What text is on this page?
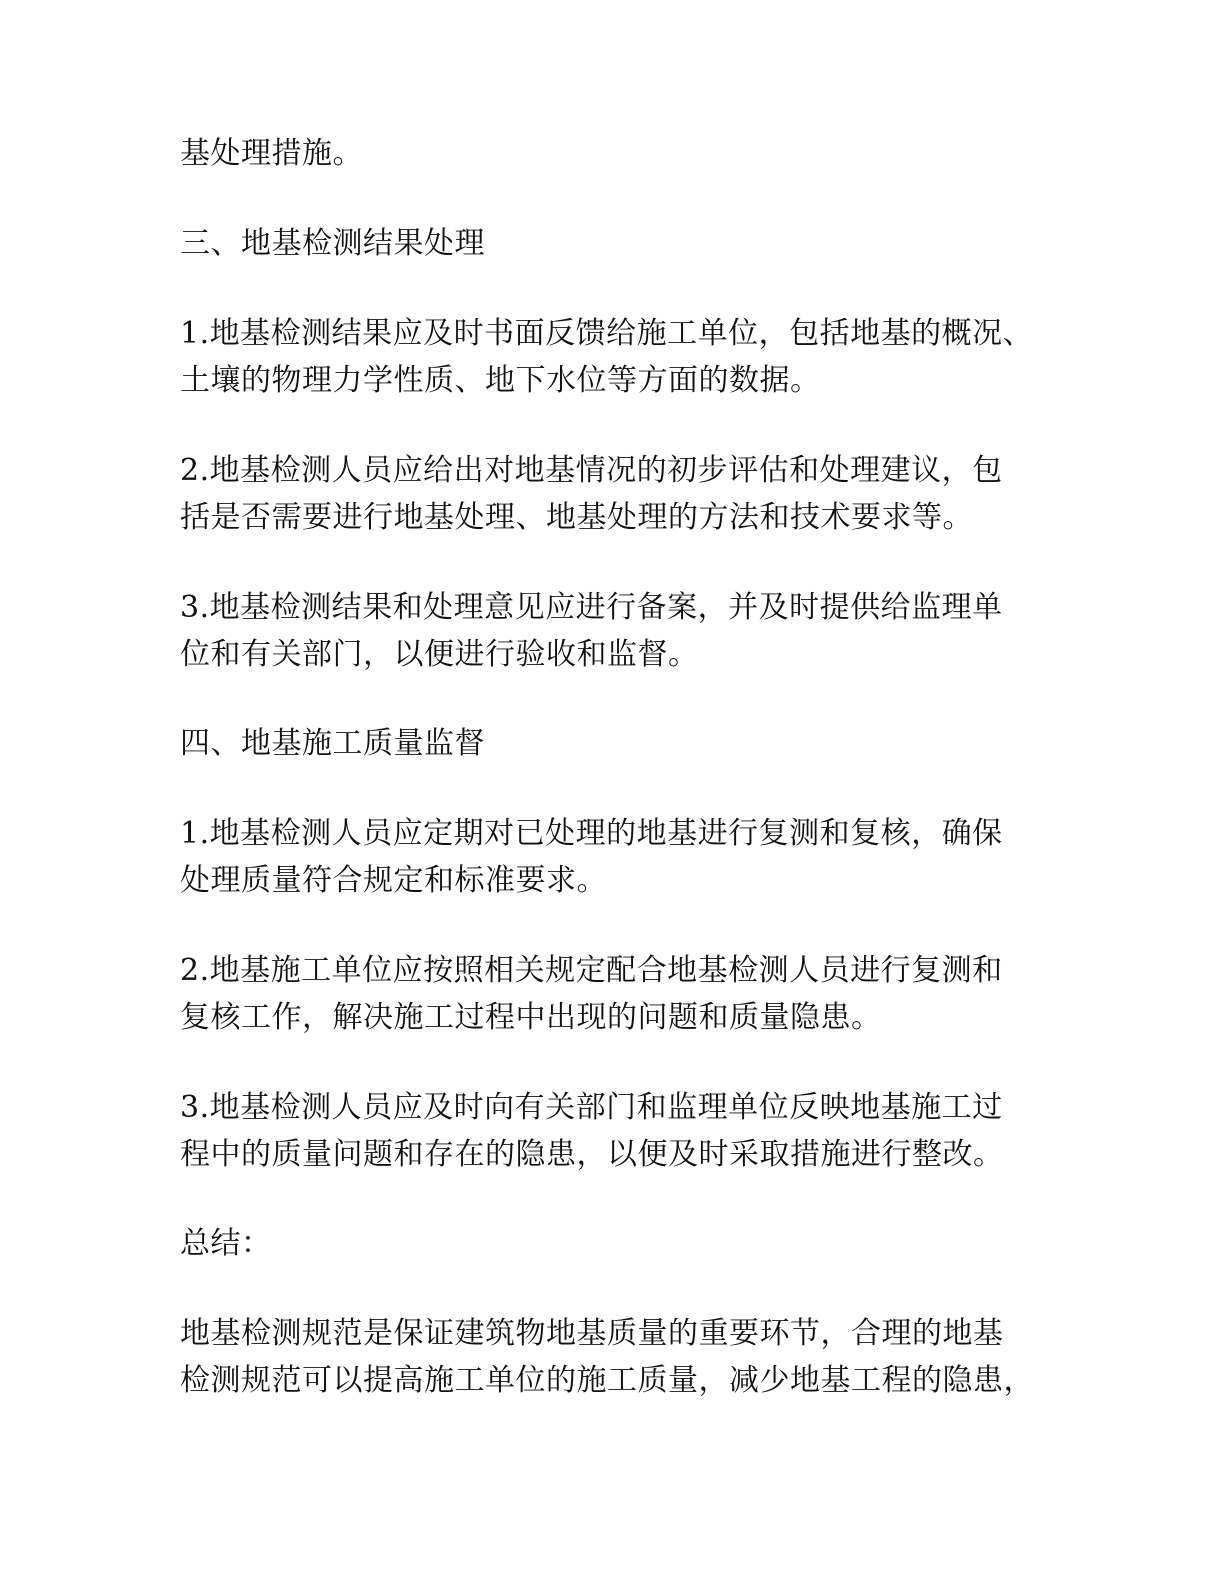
基处理措施。
三、地基检测结果处理
1.地基检测结果应及时书面反馈给施工单位，包括地基的概况、
土壤的物理力学性质、地下水位等方面的数据。
2.地基检测人员应给出对地基情况的初步评估和处理建议，包
括是否需要进行地基处理、地基处理的方法和技术要求等。
3.地基检测结果和处理意见应进行备案，并及时提供给监理单
位和有关部门，以便进行验收和监督。
四、地基施工质量监督
1.地基检测人员应定期对已处理的地基进行复测和复核，确保
处理质量符合规定和标准要求。
2.地基施工单位应按照相关规定配合地基检测人员进行复测和
复核工作，解决施工过程中出现的问题和质量隐患。
3.地基检测人员应及时向有关部门和监理单位反映地基施工过
程中的质量问题和存在的隐患，以便及时采取措施进行整改。
总结：
地基检测规范是保证建筑物地基质量的重要环节，合理的地基
检测规范可以提高施工单位的施工质量，减少地基工程的隐患，
